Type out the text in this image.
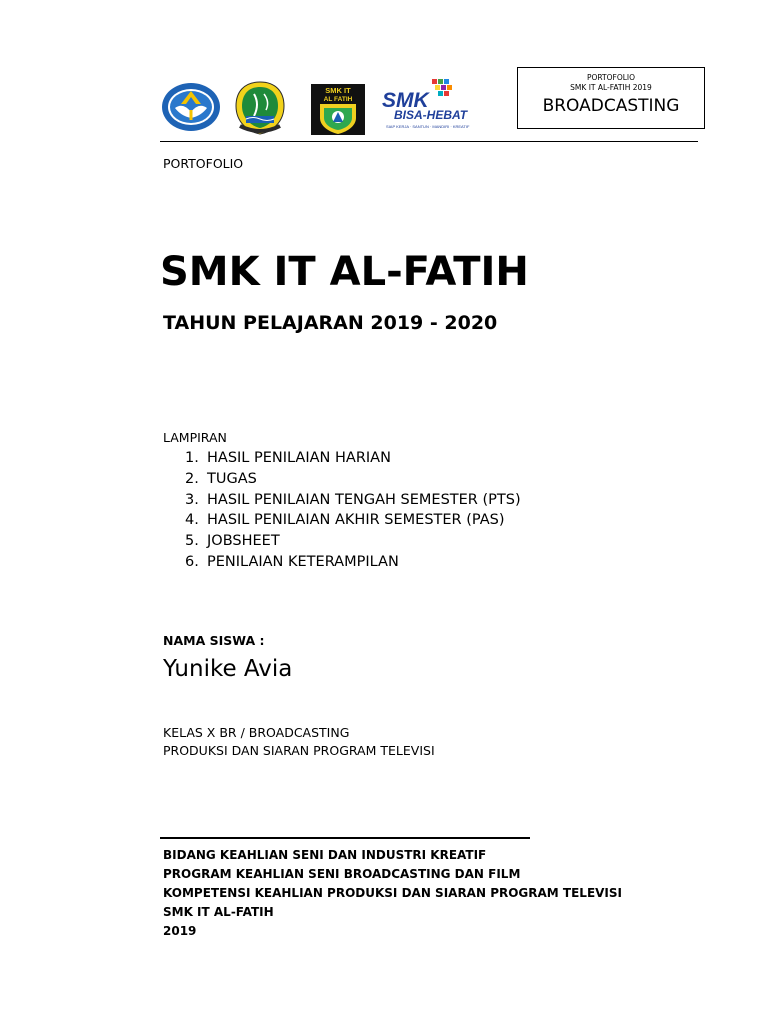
SMK IT
AL FATIH SMK
BISA-HEBAT
SIAP KERJA · SANTUN · MANDIRI · KREATIF
PORTOFOLIO
SMK IT AL-FATIH 2019
BROADCASTING
PORTOFOLIO
SMK IT AL-FATIH
TAHUN PELAJARAN 2019 - 2020
LAMPIRAN
1. HASIL PENILAIAN HARIAN
2. TUGAS
3. HASIL PENILAIAN TENGAH SEMESTER (PTS)
4. HASIL PENILAIAN AKHIR SEMESTER (PAS)
5. JOBSHEET
6. PENILAIAN KETERAMPILAN
NAMA SISWA :
Yunike Avia
KELAS X BR / BROADCASTING
PRODUKSI DAN SIARAN PROGRAM TELEVISI
BIDANG KEAHLIAN SENI DAN INDUSTRI KREATIF
PROGRAM KEAHLIAN SENI BROADCASTING DAN FILM
KOMPETENSI KEAHLIAN PRODUKSI DAN SIARAN PROGRAM TELEVISI
SMK IT AL-FATIH
2019
